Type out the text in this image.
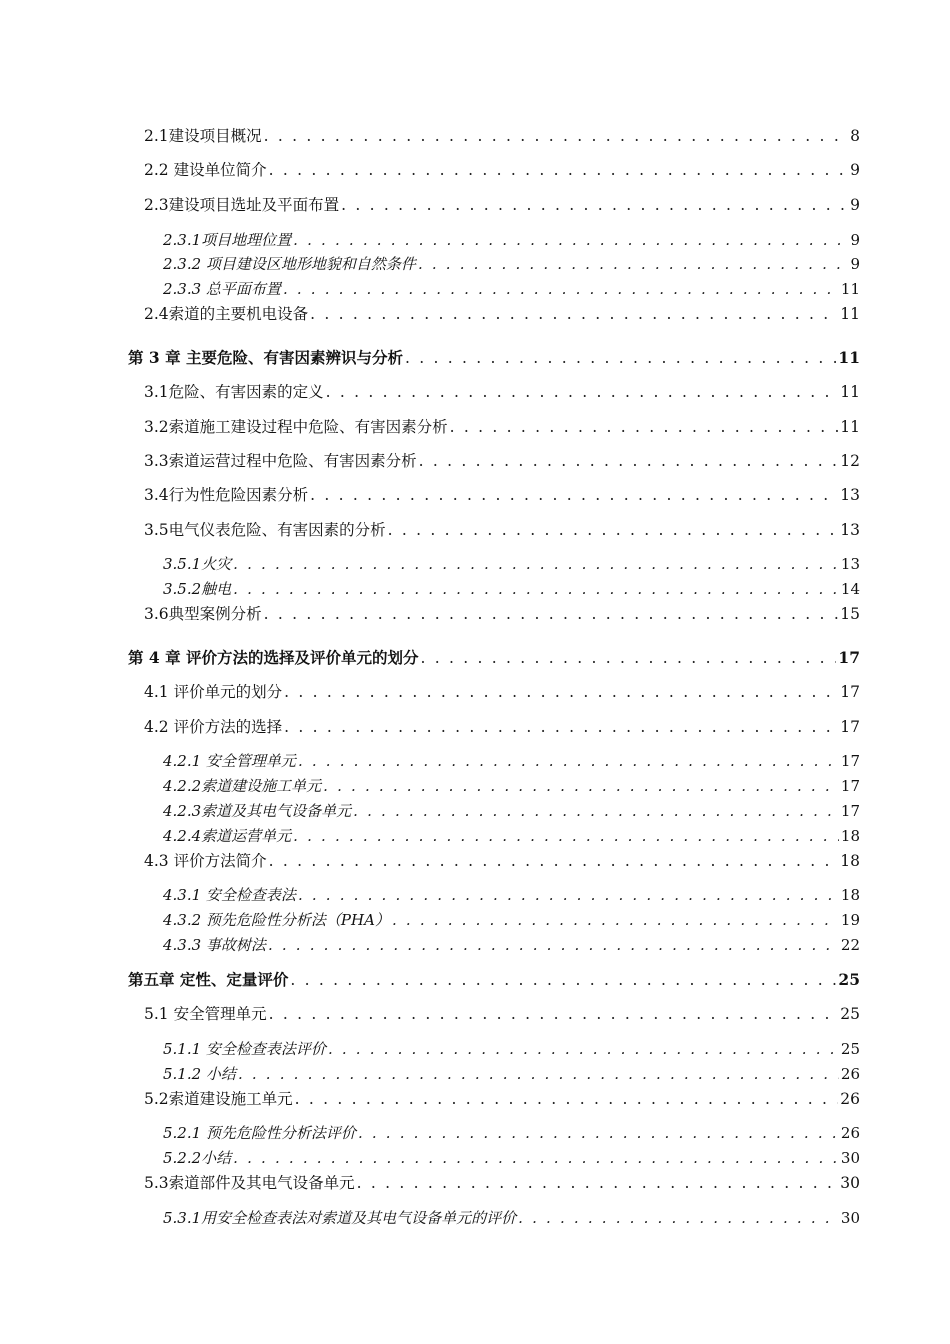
2.1建设项目概况 . . .	8
2.2 建设单位简介 . . .	9
2.3建设项目选址及平面布置 . . .	9
2.3.1项目地理位置 . . .	9
2.3.2 项目建设区地形地貌和自然条件 . . .	9
2.3.3 总平面布置 . . .	11
2.4索道的主要机电设备 . . .	11
第 3 章 主要危险、有害因素辨识与分析 . . .	11
3.1危险、有害因素的定义 . . .	11
3.2索道施工建设过程中危险、有害因素分析 . . .	11
3.3索道运营过程中危险、有害因素分析 . . .	12
3.4行为性危险因素分析 . . .	13
3.5电气仪表危险、有害因素的分析 . . .	13
3.5.1火灾 . . .	13
3.5.2触电 . . .	14
3.6典型案例分析 . . .	15
第 4 章 评价方法的选择及评价单元的划分 . . .	17
4.1 评价单元的划分 . . .	17
4.2 评价方法的选择 . . .	17
4.2.1 安全管理单元 . . .	17
4.2.2索道建设施工单元 . . .	17
4.2.3索道及其电气设备单元 . . .	17
4.2.4索道运营单元 . . .	18
4.3 评价方法简介 . . .	18
4.3.1 安全检查表法 . . .	18
4.3.2 预先危险性分析法（PHA） . . .	19
4.3.3 事故树法 . . .	22
第五章 定性、定量评价 . . .	25
5.1 安全管理单元 . . .	25
5.1.1 安全检查表法评价 . . .	25
5.1.2 小结 . . .	26
5.2索道建设施工单元 . . .	26
5.2.1 预先危险性分析法评价 . . .	26
5.2.2小结 . . .	30
5.3索道部件及其电气设备单元 . . .	30
5.3.1用安全检查表法对索道及其电气设备单元的评价 . . .	30
